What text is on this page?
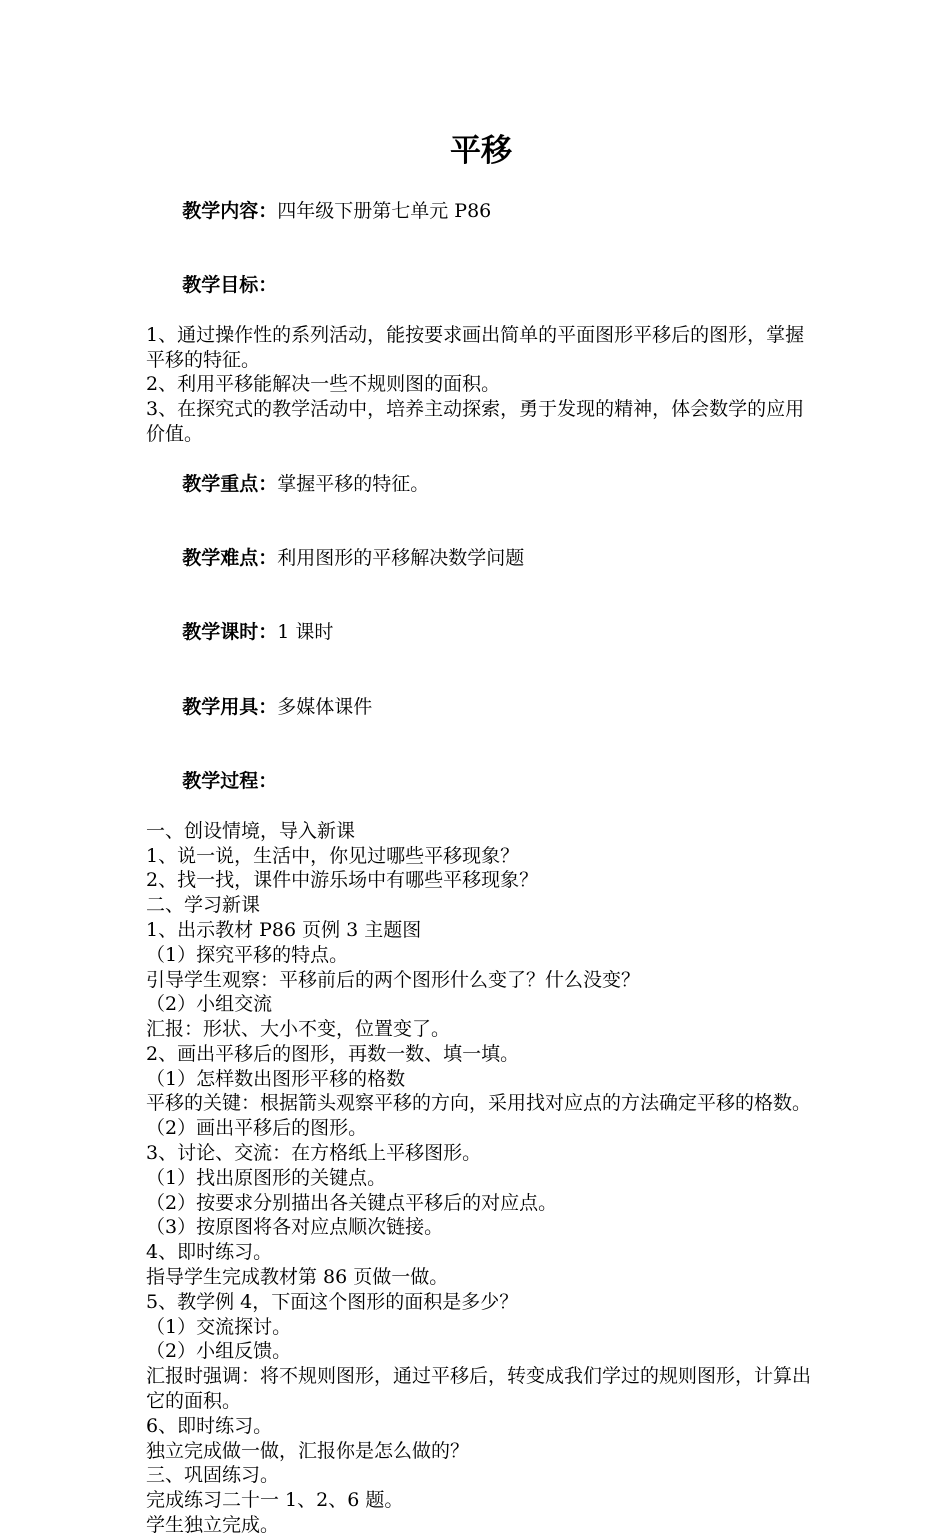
平移

教学内容：四年级下册第七单元 P86

教学目标：

1、通过操作性的系列活动，能按要求画出简单的平面图形平移后的图形，掌握平移的特征。
2、利用平移能解决一些不规则图的面积。
3、在探究式的教学活动中，培养主动探索，勇于发现的精神，体会数学的应用价值。

教学重点：掌握平移的特征。

教学难点：利用图形的平移解决数学问题

教学课时：1 课时

教学用具：多媒体课件

教学过程：

一、创设情境，导入新课
1、说一说，生活中，你见过哪些平移现象？
2、找一找，课件中游乐场中有哪些平移现象？
二、学习新课
1、出示教材 P86 页例 3 主题图
（1）探究平移的特点。
引导学生观察：平移前后的两个图形什么变了？什么没变？
（2）小组交流
汇报：形状、大小不变，位置变了。
2、画出平移后的图形，再数一数、填一填。
（1）怎样数出图形平移的格数
平移的关键：根据箭头观察平移的方向，采用找对应点的方法确定平移的格数。
（2）画出平移后的图形。
3、讨论、交流：在方格纸上平移图形。
（1）找出原图形的关键点。
（2）按要求分别描出各关键点平移后的对应点。
（3）按原图将各对应点顺次链接。
4、即时练习。
指导学生完成教材第 86 页做一做。
5、教学例 4，下面这个图形的面积是多少？
（1）交流探讨。
（2）小组反馈。
汇报时强调：将不规则图形，通过平移后，转变成我们学过的规则图形，计算出它的面积。
6、即时练习。
独立完成做一做，汇报你是怎么做的？
三、巩固练习。
完成练习二十一 1、2、6 题。
学生独立完成。
